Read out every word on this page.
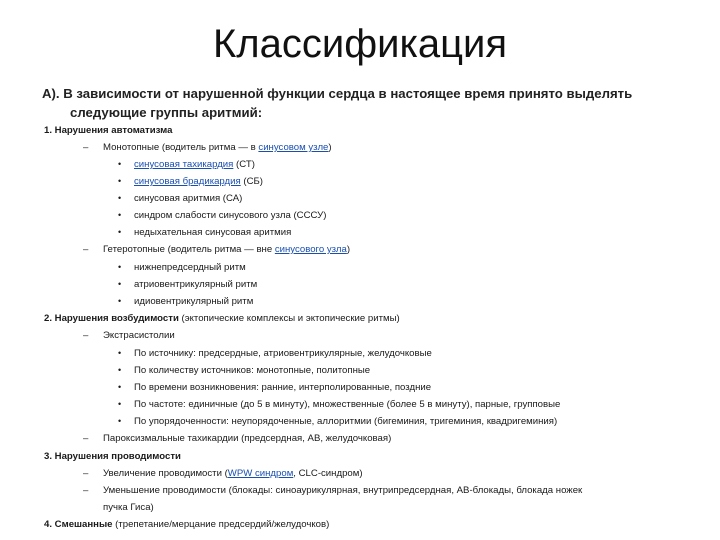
Классификация
А). В зависимости от нарушенной функции сердца в настоящее время принято выделять
следующие группы аритмий:
1. Нарушения автоматизма
– Монотопные (водитель ритма — в синусовом узле)
• синусовая тахикардия (СТ)
• синусовая брадикардия (СБ)
• синусовая аритмия (СА)
• синдром слабости синусового узла (СССУ)
• недыхательная синусовая аритмия
– Гетеротопные (водитель ритма — вне синусового узла)
• нижнепредсердный ритм
• атриовентрикулярный ритм
• идиовентрикулярный ритм
2. Нарушения возбудимости (эктопические комплексы и эктопические ритмы)
– Экстрасистолии
• По источнику: предсердные, атриовентрикулярные, желудочковые
• По количеству источников: монотопные, политопные
• По времени возникновения: ранние, интерполированные, поздние
• По частоте: единичные (до 5 в минуту), множественные (более 5 в минуту), парные, групповые
• По упорядоченности: неупорядоченные, аллоритмии (бигеминия, тригеминия, квадригеминия)
– Пароксизмальные тахикардии (предсердная, АВ, желудочковая)
3. Нарушения проводимости
– Увеличение проводимости (WPW синдром, CLC-синдром)
– Уменьшение проводимости (блокады: синоаурикулярная, внутрипредсердная, АВ-блокады, блокада ножек
пучка Гиса)
4. Смешанные (трепетание/мерцание предсердий/желудочков)
